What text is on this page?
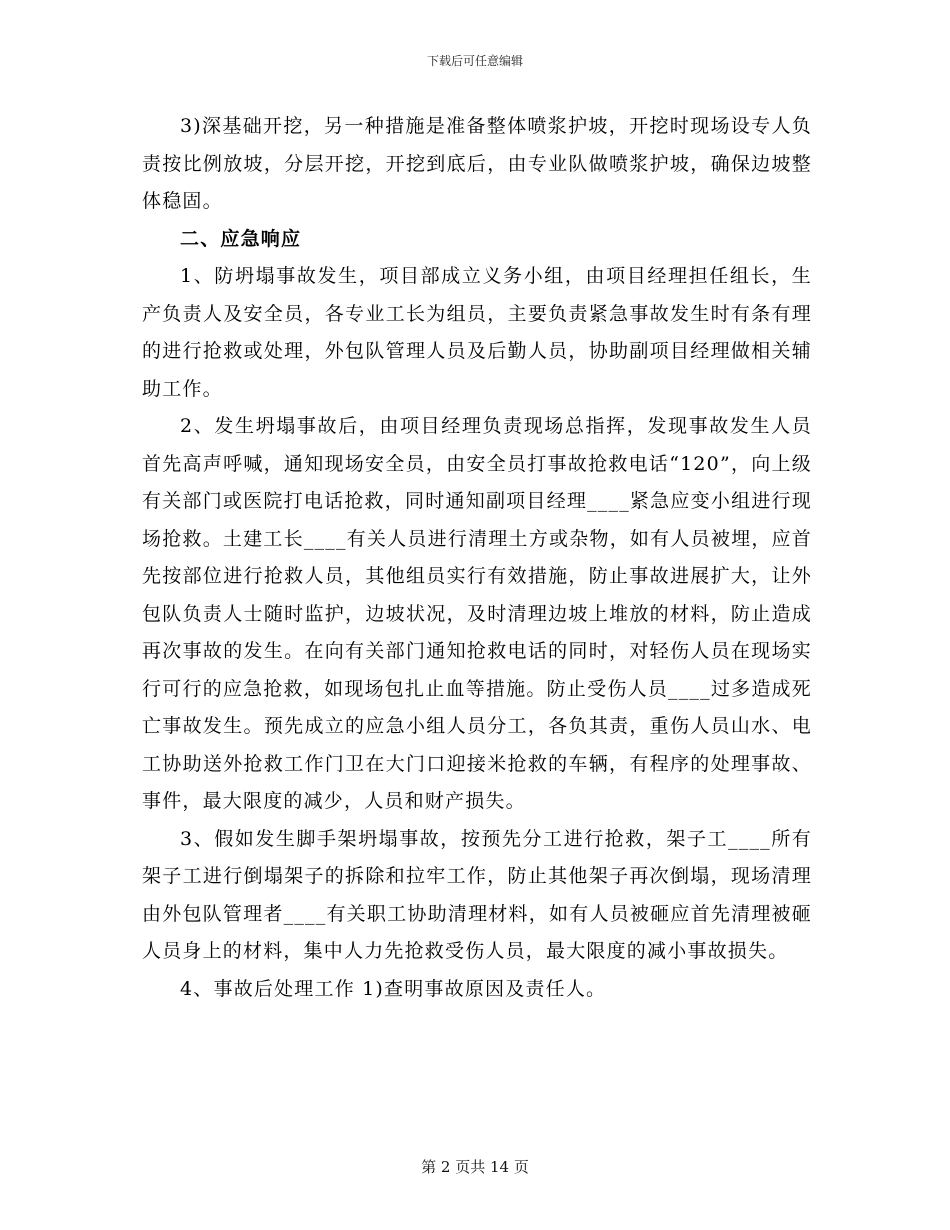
下载后可任意编辑

3)深基础开挖，另一种措施是准备整体喷浆护坡，开挖时现场设专人负责按比例放坡，分层开挖，开挖到底后，由专业队做喷浆护坡，确保边坡整体稳固。

二、应急响应

1、防坍塌事故发生，项目部成立义务小组，由项目经理担任组长，生产负责人及安全员，各专业工长为组员，主要负责紧急事故发生时有条有理的进行抢救或处理，外包队管理人员及后勤人员，协助副项目经理做相关辅助工作。

2、发生坍塌事故后，由项目经理负责现场总指挥，发现事故发生人员首先高声呼喊，通知现场安全员，由安全员打事故抢救电话“120”，向上级有关部门或医院打电话抢救，同时通知副项目经理____紧急应变小组进行现场抢救。土建工长____有关人员进行清理土方或杂物，如有人员被埋，应首先按部位进行抢救人员，其他组员实行有效措施，防止事故进展扩大，让外包队负责人士随时监护，边坡状况，及时清理边坡上堆放的材料，防止造成再次事故的发生。在向有关部门通知抢救电话的同时，对轻伤人员在现场实行可行的应急抢救，如现场包扎止血等措施。防止受伤人员____过多造成死亡事故发生。预先成立的应急小组人员分工，各负其责，重伤人员山水、电工协助送外抢救工作门卫在大门口迎接米抢救的车辆，有程序的处理事故、事件，最大限度的减少，人员和财产损失。

3、假如发生脚手架坍塌事故，按预先分工进行抢救，架子工____所有架子工进行倒塌架子的拆除和拉牢工作，防止其他架子再次倒塌，现场清理由外包队管理者____有关职工协助清理材料，如有人员被砸应首先清理被砸人员身上的材料，集中人力先抢救受伤人员，最大限度的减小事故损失。

4、事故后处理工作 1)查明事故原因及责任人。

第 2 页共 14 页
